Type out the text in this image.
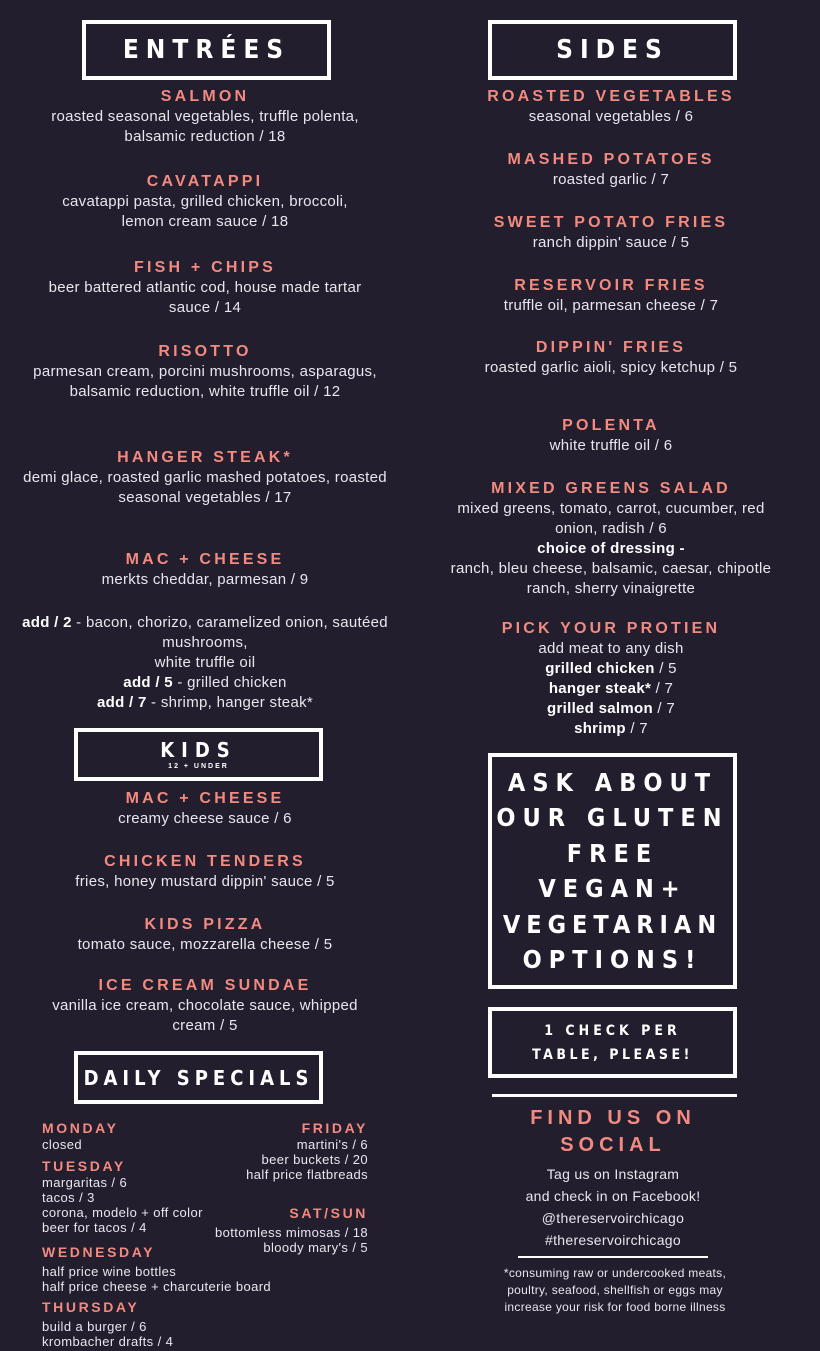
ENTRÉES
SALMON
roasted seasonal vegetables, truffle polenta, balsamic reduction / 18
CAVATAPPI
cavatappi pasta, grilled chicken, broccoli, lemon cream sauce / 18
FISH + CHIPS
beer battered atlantic cod, house made tartar sauce / 14
RISOTTO
parmesan cream, porcini mushrooms, asparagus, balsamic reduction, white truffle oil / 12
HANGER STEAK*
demi glace, roasted garlic mashed potatoes, roasted
seasonal vegetables / 17
MAC + CHEESE
merkts cheddar, parmesan / 9
add / 2 - bacon, chorizo, caramelized onion, sautéed mushrooms,
white truffle oil
add / 5 - grilled chicken
add / 7 - shrimp, hanger steak*
KIDS
12 + UNDER
MAC + CHEESE
creamy cheese sauce / 6
CHICKEN TENDERS
fries, honey mustard dippin' sauce / 5
KIDS PIZZA
tomato sauce, mozzarella cheese / 5
ICE CREAM SUNDAE
vanilla ice cream, chocolate sauce, whipped cream / 5
DAILY SPECIALS
MONDAY
closed
TUESDAY
margaritas / 6
tacos / 3
corona, modelo + off color
beer for tacos / 4
WEDNESDAY
half price wine bottles
half price cheese + charcuterie board
THURSDAY
build a burger / 6
krombacher drafts / 4
FRIDAY
martini's / 6
beer buckets / 20
half price flatbreads
SAT/SUN
bottomless mimosas / 18
bloody mary's / 5
SIDES
ROASTED VEGETABLES
seasonal vegetables / 6
MASHED POTATOES
roasted garlic / 7
SWEET POTATO FRIES
ranch dippin' sauce / 5
RESERVOIR FRIES
truffle oil, parmesan cheese / 7
DIPPIN' FRIES
roasted garlic aioli, spicy ketchup / 5
POLENTA
white truffle oil / 6
MIXED GREENS SALAD
mixed greens, tomato, carrot, cucumber, red onion, radish / 6
choice of dressing -
ranch, bleu cheese, balsamic, caesar, chipotle ranch, sherry vinaigrette
PICK YOUR PROTIEN
add meat to any dish
grilled chicken / 5
hanger steak* / 7
grilled salmon / 7
shrimp / 7
ASK ABOUT
OUR GLUTEN
FREE
VEGAN+
VEGETARIAN
OPTIONS!
1 CHECK PER
TABLE, PLEASE!
FIND US ON
SOCIAL
Tag us on Instagram
and check in on Facebook!
@thereservoirchicago
#thereservoirchicago
*consuming raw or undercooked meats, poultry, seafood, shellfish or eggs may increase your risk for food borne illness
